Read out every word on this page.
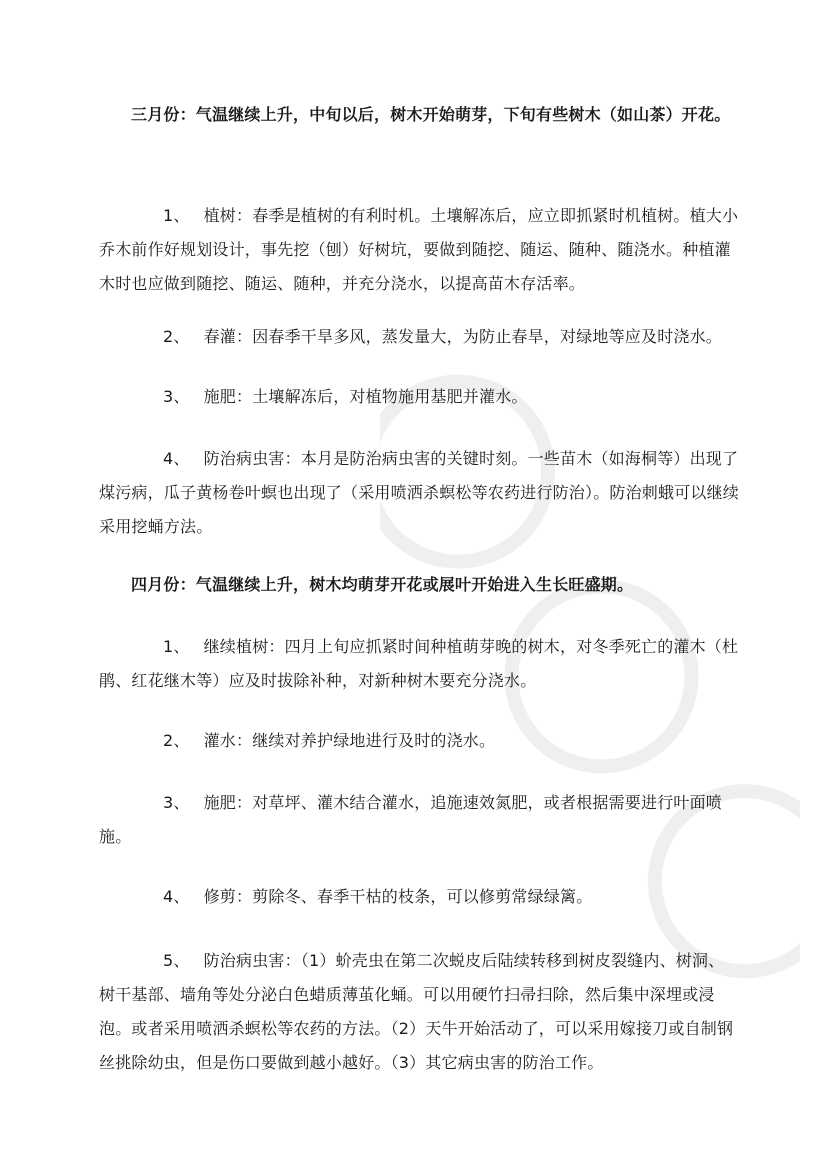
三月份：气温继续上升，中旬以后，树木开始萌芽，下旬有些树木（如山茶）开花。

1、 植树：春季是植树的有利时机。土壤解冻后，应立即抓紧时机植树。植大小乔木前作好规划设计，事先挖（刨）好树坑，要做到随挖、随运、随种、随浇水。种植灌木时也应做到随挖、随运、随种，并充分浇水，以提高苗木存活率。

2、 春灌：因春季干旱多风，蒸发量大，为防止春旱，对绿地等应及时浇水。

3、 施肥：土壤解冻后，对植物施用基肥并灌水。

4、 防治病虫害：本月是防治病虫害的关键时刻。一些苗木（如海桐等）出现了煤污病，瓜子黄杨卷叶螟也出现了（采用喷洒杀螟松等农药进行防治）。防治刺蛾可以继续采用挖蛹方法。

四月份：气温继续上升，树木均萌芽开花或展叶开始进入生长旺盛期。

1、 继续植树：四月上旬应抓紧时间种植萌芽晚的树木，对冬季死亡的灌木（杜鹃、红花继木等）应及时拔除补种，对新种树木要充分浇水。

2、 灌水：继续对养护绿地进行及时的浇水。

3、 施肥：对草坪、灌木结合灌水，追施速效氮肥，或者根据需要进行叶面喷施。

4、 修剪：剪除冬、春季干枯的枝条，可以修剪常绿绿篱。

5、 防治病虫害：（1）蚧壳虫在第二次蜕皮后陆续转移到树皮裂缝内、树洞、树干基部、墙角等处分泌白色蜡质薄茧化蛹。可以用硬竹扫帚扫除，然后集中深埋或浸泡。或者采用喷洒杀螟松等农药的方法。（2）天牛开始活动了，可以采用嫁接刀或自制钢丝挑除幼虫，但是伤口要做到越小越好。（3）其它病虫害的防治工作。
